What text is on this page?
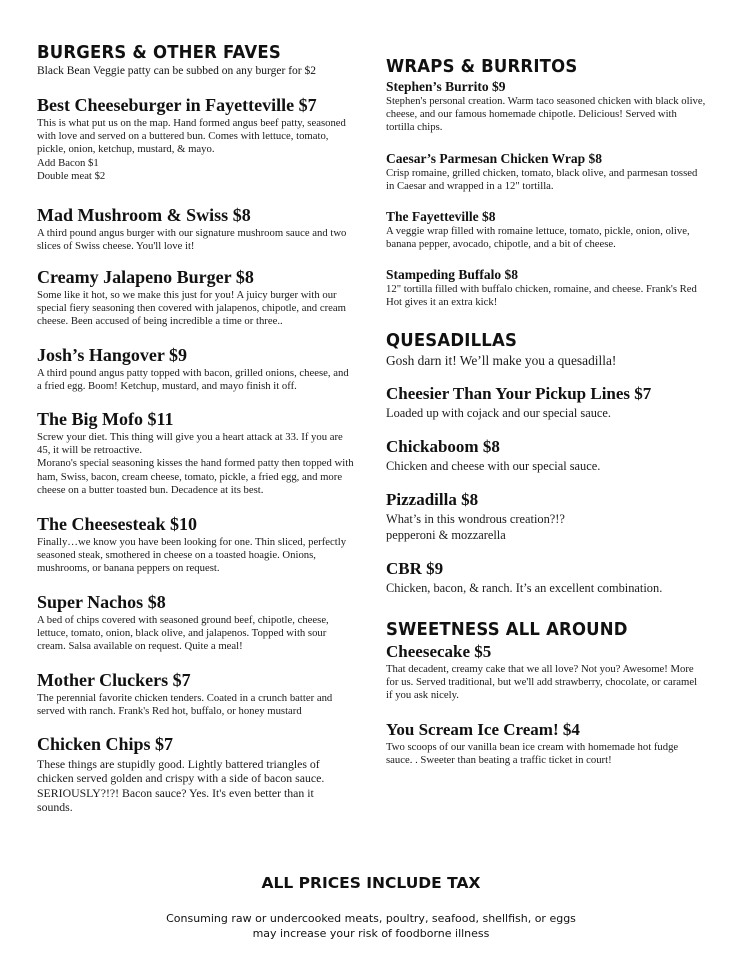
BURGERS & OTHER FAVES

Black Bean Veggie patty can be subbed on any burger for $2

Best Cheeseburger in Fayetteville $7

This is what put us on the map. Hand formed angus beef patty, seasoned with love and served on a buttered bun. Comes with lettuce, tomato, pickle, onion, ketchup, mustard, & mayo.

Add Bacon $1

Double meat $2

Mad Mushroom & Swiss $8

A third pound angus burger with our signature mushroom sauce and two slices of Swiss cheese. You'll love it!

Creamy Jalapeno Burger $8

Some like it hot, so we make this just for you! A juicy burger with our special fiery seasoning then covered with jalapenos, chipotle, and cream cheese. Been accused of being incredible a time or three..

Josh’s Hangover $9

A third pound angus patty topped with bacon, grilled onions, cheese, and a fried egg. Boom! Ketchup, mustard, and mayo finish it off.

The Big Mofo $11

Screw your diet. This thing will give you a heart attack at 33. If you are 45, it will be retroactive.

Morano's special seasoning kisses the hand formed patty then topped with ham, Swiss, bacon, cream cheese, tomato, pickle, a fried egg, and more cheese on a butter toasted bun. Decadence at its best.

The Cheesesteak $10

Finally…we know you have been looking for one. Thin sliced, perfectly seasoned steak, smothered in cheese on a toasted hoagie. Onions, mushrooms, or banana peppers on request.

Super Nachos $8

A bed of chips covered with seasoned ground beef, chipotle, cheese, lettuce, tomato, onion, black olive, and jalapenos. Topped with sour cream. Salsa available on request. Quite a meal!

Mother Cluckers $7

The perennial favorite chicken tenders. Coated in a crunch batter and served with ranch. Frank's Red hot, buffalo, or honey mustard

Chicken Chips $7

These things are stupidly good. Lightly battered triangles of chicken served golden and crispy with a side of bacon sauce. SERIOUSLY?!?! Bacon sauce? Yes. It's even better than it sounds.

WRAPS & BURRITOS
Stephen’s Burrito $9

Stephen's personal creation. Warm taco seasoned chicken with black olive, cheese, and our famous homemade chipotle. Delicious! Served with tortilla chips.

Caesar’s Parmesan Chicken Wrap $8

Crisp romaine, grilled chicken, tomato, black olive, and parmesan tossed in Caesar and wrapped in a 12" tortilla.

The Fayetteville $8

A veggie wrap filled with romaine lettuce, tomato, pickle, onion, olive, banana pepper, avocado, chipotle, and a bit of cheese.

Stampeding Buffalo $8

12" tortilla filled with buffalo chicken, romaine, and cheese. Frank's Red Hot gives it an extra kick!

QUESADILLAS

Gosh darn it! We’ll make you a quesadilla!

Cheesier Than Your Pickup Lines $7

Loaded up with cojack and our special sauce.

Chickaboom $8

Chicken and cheese with our special sauce.

Pizzadilla $8

What’s in this wondrous creation?!?

pepperoni & mozzarella

CBR $9

Chicken, bacon, & ranch. It’s an excellent combination.

SWEETNESS ALL AROUND
Cheesecake $5

That decadent, creamy cake that we all love? Not you? Awesome! More for us. Served traditional, but we'll add strawberry, chocolate, or caramel if you ask nicely.

You Scream Ice Cream! $4

Two scoops of our vanilla bean ice cream with homemade hot fudge sauce. . Sweeter than beating a traffic ticket in court!

ALL PRICES INCLUDE TAX
Consuming raw or undercooked meats, poultry, seafood, shellfish, or eggs
may increase your risk of foodborne illness
